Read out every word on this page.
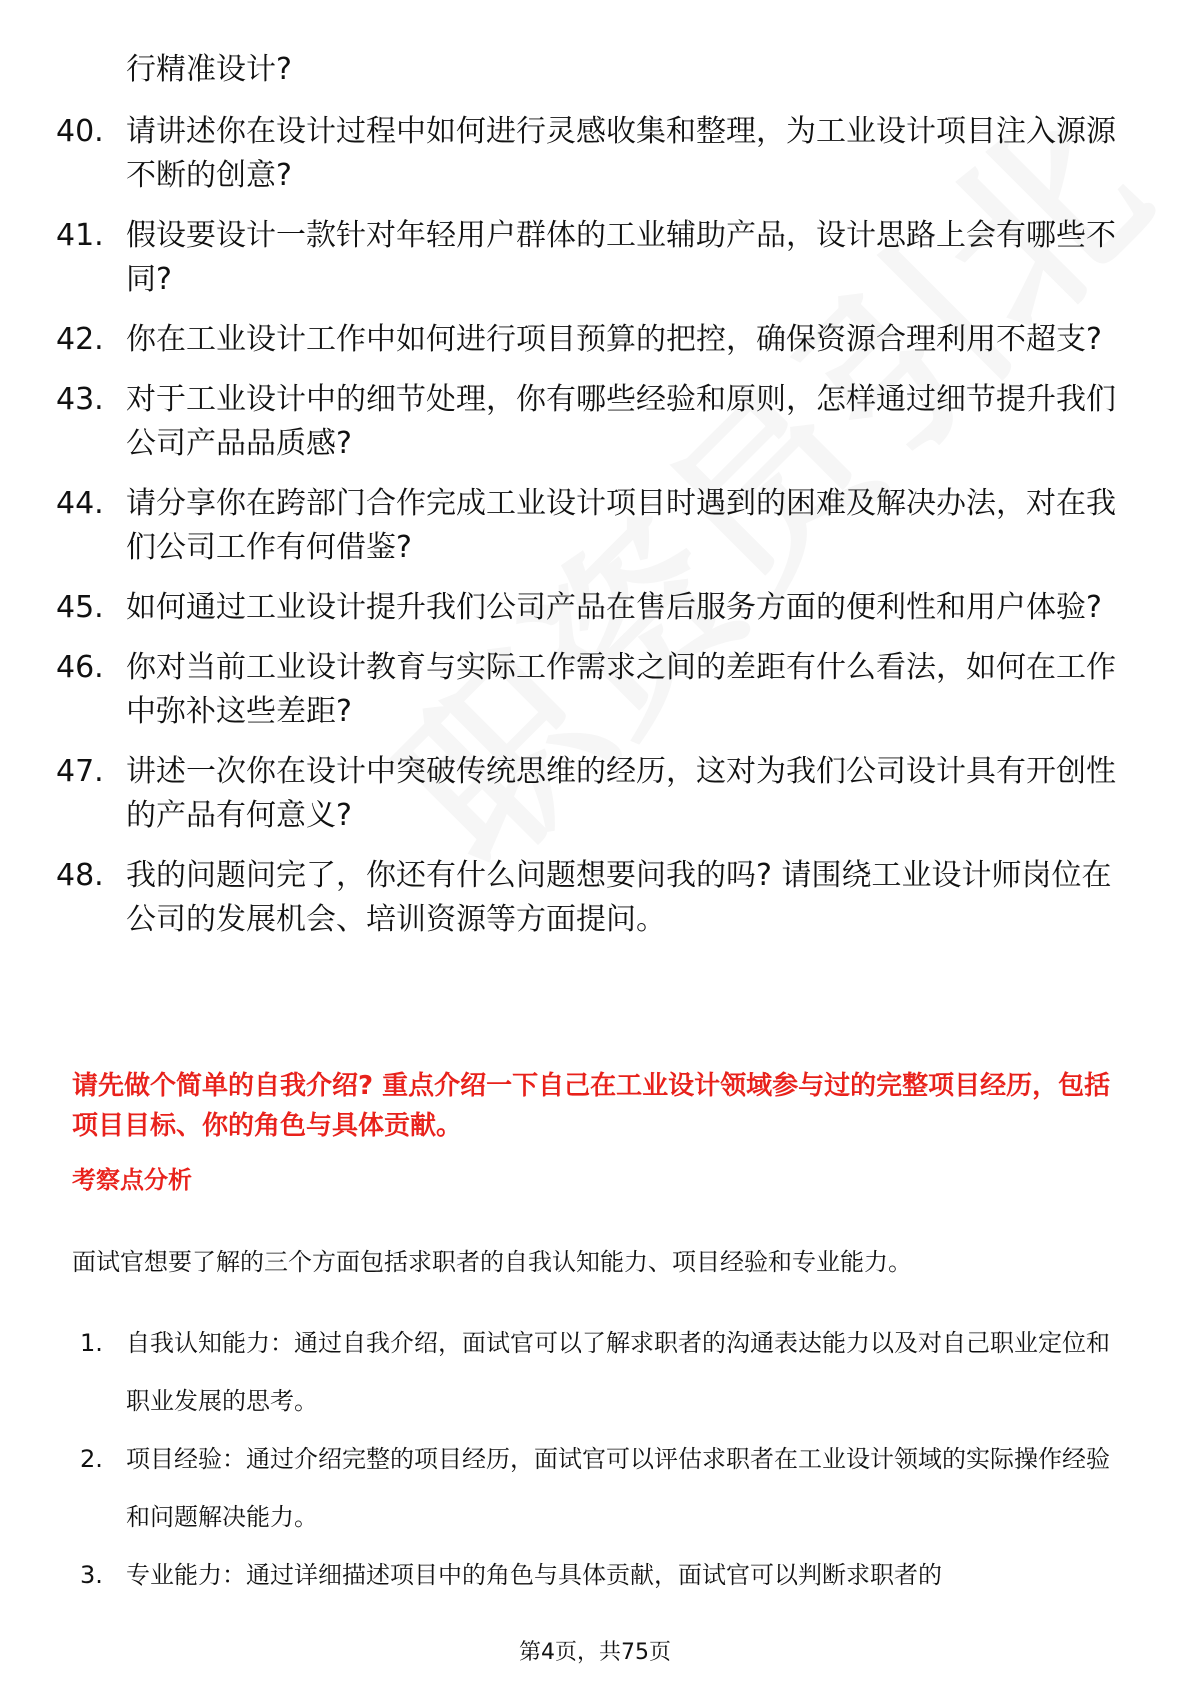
行精准设计?

40. 请讲述你在设计过程中如何进行灵感收集和整理，为工业设计项目注入源源不断的创意?
41. 假设要设计一款针对年轻用户群体的工业辅助产品，设计思路上会有哪些不同?
42. 你在工业设计工作中如何进行项目预算的把控，确保资源合理利用不超支?
43. 对于工业设计中的细节处理，你有哪些经验和原则，怎样通过细节提升我们公司产品品质感?
44. 请分享你在跨部门合作完成工业设计项目时遇到的困难及解决办法，对在我们公司工作有何借鉴?
45. 如何通过工业设计提升我们公司产品在售后服务方面的便利性和用户体验?
46. 你对当前工业设计教育与实际工作需求之间的差距有什么看法，如何在工作中弥补这些差距?
47. 讲述一次你在设计中突破传统思维的经历，这对为我们公司设计具有开创性的产品有何意义?
48. 我的问题问完了，你还有什么问题想要问我的吗? 请围绕工业设计师岗位在公司的发展机会、培训资源等方面提问。

请先做个简单的自我介绍? 重点介绍一下自己在工业设计领域参与过的完整项目经历，包括项目目标、你的角色与具体贡献。

考察点分析

面试官想要了解的三个方面包括求职者的自我认知能力、项目经验和专业能力。

1. 自我认知能力：通过自我介绍，面试官可以了解求职者的沟通表达能力以及对自己职业定位和职业发展的思考。
2. 项目经验：通过介绍完整的项目经历，面试官可以评估求职者在工业设计领域的实际操作经验和问题解决能力。
3. 专业能力：通过详细描述项目中的角色与具体贡献，面试官可以判断求职者的
第4页，共75页
